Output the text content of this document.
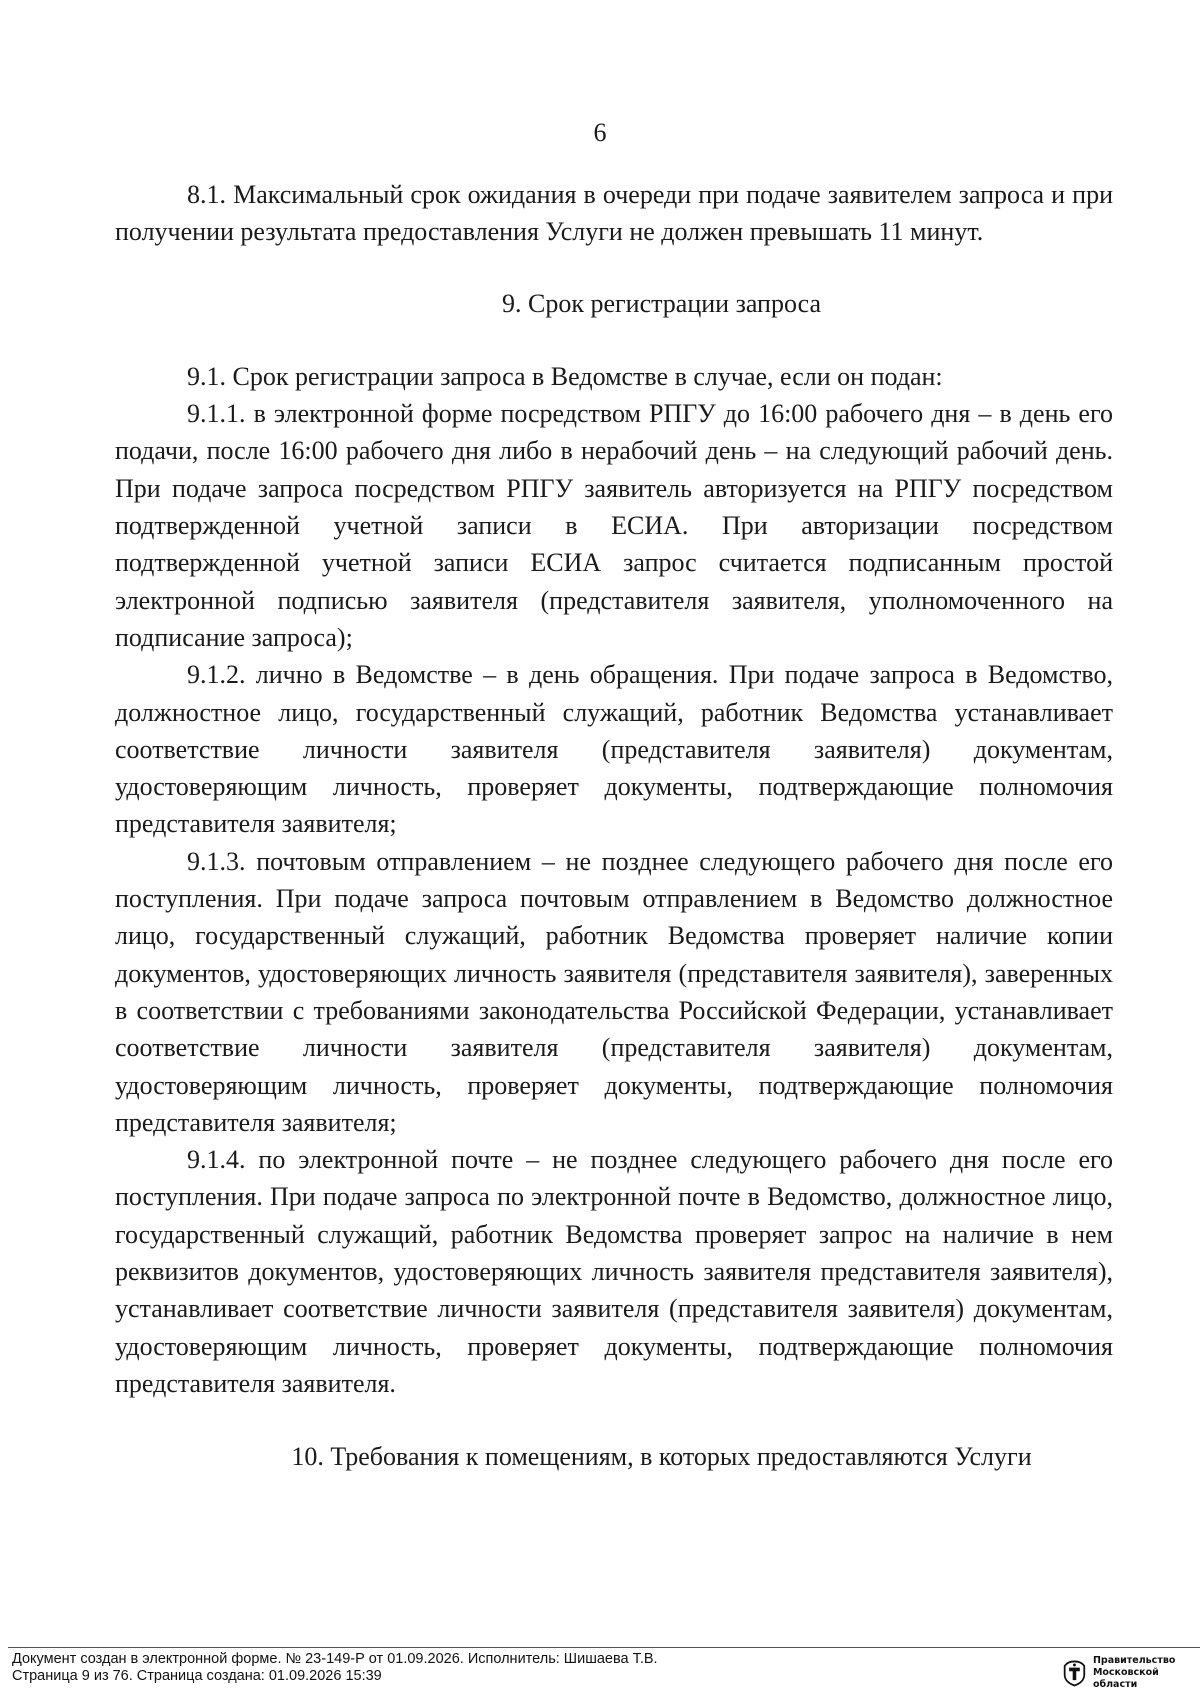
6

8.1. Максимальный срок ожидания в очереди при подаче заявителем запроса и при получении результата предоставления Услуги не должен превышать 11 минут.

9. Срок регистрации запроса

9.1. Срок регистрации запроса в Ведомстве в случае, если он подан:

9.1.1. в электронной форме посредством РПГУ до 16:00 рабочего дня – в день его подачи, после 16:00 рабочего дня либо в нерабочий день – на следующий рабочий день. При подаче запроса посредством РПГУ заявитель авторизуется на РПГУ посредством подтвержденной учетной записи в ЕСИА. При авторизации посредством подтвержденной учетной записи ЕСИА запрос считается подписанным простой электронной подписью заявителя (представителя заявителя, уполномоченного на подписание запроса);

9.1.2. лично в Ведомстве – в день обращения. При подаче запроса в Ведомство, должностное лицо, государственный служащий, работник Ведомства устанавливает соответствие личности заявителя (представителя заявителя) документам, удостоверяющим личность, проверяет документы, подтверждающие полномочия представителя заявителя;

9.1.3. почтовым отправлением – не позднее следующего рабочего дня после его поступления. При подаче запроса почтовым отправлением в Ведомство должностное лицо, государственный служащий, работник Ведомства проверяет наличие копии документов, удостоверяющих личность заявителя (представителя заявителя), заверенных в соответствии с требованиями законодательства Российской Федерации, устанавливает соответствие личности заявителя (представителя заявителя) документам, удостоверяющим личность, проверяет документы, подтверждающие полномочия представителя заявителя;

9.1.4. по электронной почте – не позднее следующего рабочего дня после его поступления. При подаче запроса по электронной почте в Ведомство, должностное лицо, государственный служащий, работник Ведомства проверяет запрос на наличие в нем реквизитов документов, удостоверяющих личность заявителя представителя заявителя), устанавливает соответствие личности заявителя (представителя заявителя) документам, удостоверяющим личность, проверяет документы, подтверждающие полномочия представителя заявителя.

10. Требования к помещениям, в которых предоставляются Услуги

Документ создан в электронной форме. № 23-149-Р от 01.09.2026. Исполнитель: Шишаева Т.В.
Страница 9 из 76. Страница создана: 01.09.2026 15:39
Правительство
Московской области
